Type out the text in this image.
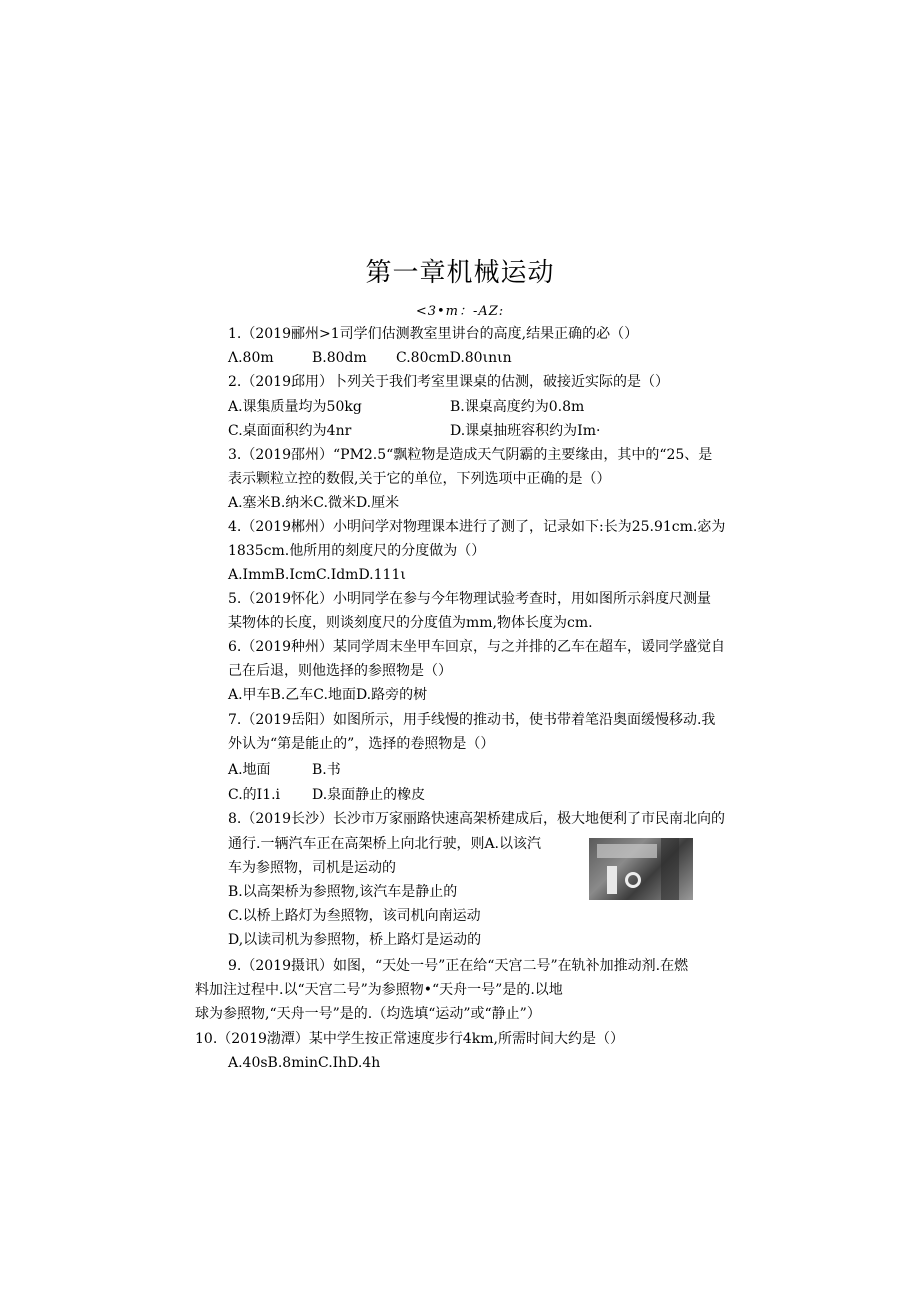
第一章机械运动
<3•m：-AZ:
1.（2019郦州>1司学们估测教室里讲台的高度,结果正确的必（）
Λ.80m	B.80dm C.80cmD.80ιnιn
2.（2019邱用）卜列关于我们考室里课桌的估测，破接近实际的是（）
A.课集质量均为50kg	B.课桌高度约为0.8m
C.桌面面积约为4nr	D.课桌抽班容积约为Im·
3.（2019邵州）“PM2.5“飘粒物是造成天气阴霸的主要缘由，其中的“25、是
表示颗粒立控的数假,关于它的单位，下列选项中正确的是（）
A.塞米B.纳米C.微米D.厘米
4.（2019郴州）小明问学对物理课本进行了测了，记录如下:长为25.91cm.宓为
1835cm.他所用的刻度尺的分度做为（）
A.ImmB.IcmC.IdmD.111ι
5.（2019怀化）小明同学在参与今年物理试验考查时，用如图所示斜度尺测量
某物体的长度，则谈刻度尺的分度值为mm,物体长度为cm.
6.（2019种州）某同学周末坐甲车回京，与之并排的乙车在超车，谖同学盛觉自
己在后退，则他选择的参照物是（）
A.甲车B.乙车C.地面D.路旁的树
7.（2019岳阳）如图所示，用手线慢的推动书，使书带着笔沿奥面缓慢移动.我
外认为“第是能止的”，选择的卷照物是（）
A.地面	B.书
C.的I1.i D.泉面静止的橡皮
8.（2019长沙）长沙市万家丽路快速高架桥建成后，极大地便利了市民南北向的
通行.一辆汽车正在高架桥上向北行驶，则A.以该汽
车为参照物，司机是运动的
B.以高架桥为参照物,该汽车是静止的
C.以桥上路灯为叁照物，该司机向南运动
D,以读司机为参照物，桥上路灯是运动的
9.（2019摄讯）如图，“天处一号”正在给“天宫二号”在轨补加推动剂.在燃
料加注过程中.以“天宫二号”为参照物•“天舟一号”是的.以地
球为参照物,“天舟一号”是的.（均选填“运动”或“静止”）
10.（2019渤潭）某中学生按正常速度步行4km,所需时间大约是（）
A.40sB.8minC.IhD.4h
